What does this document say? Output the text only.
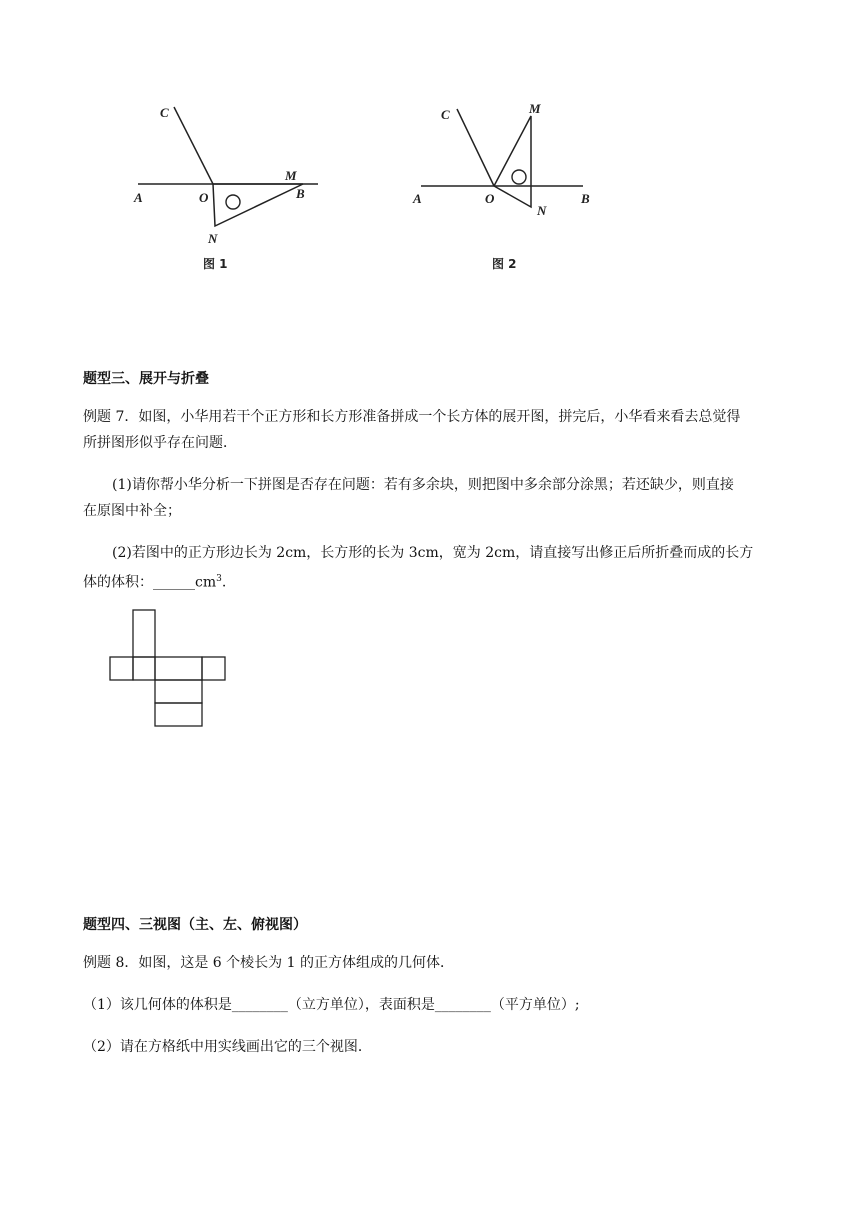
C
A	O
M
B
N
图 1
C	M
A	O
N
B
图 2
题型三、展开与折叠
例题 7．如图，小华用若干个正方形和长方形准备拼成一个长方体的展开图，拼完后，小华看来看去总觉得
所拼图形似乎存在问题．
(1)请你帮小华分析一下拼图是否存在问题：若有多余块，则把图中多余部分涂黑；若还缺少，则直接
在原图中补全；
(2)若图中的正方形边长为 2cm，长方形的长为 3cm，宽为 2cm，请直接写出修正后所折叠而成的长方
体的体积：$\_\_\_\_\_\_cm^3$.
题型四、三视图（主、左、俯视图）
例题 8．如图，这是 6 个棱长为 1 的正方体组成的几何体．
（1）该几何体的体积是________（立方单位），表面积是________（平方单位）;
（2）请在方格纸中用实线画出它的三个视图．
